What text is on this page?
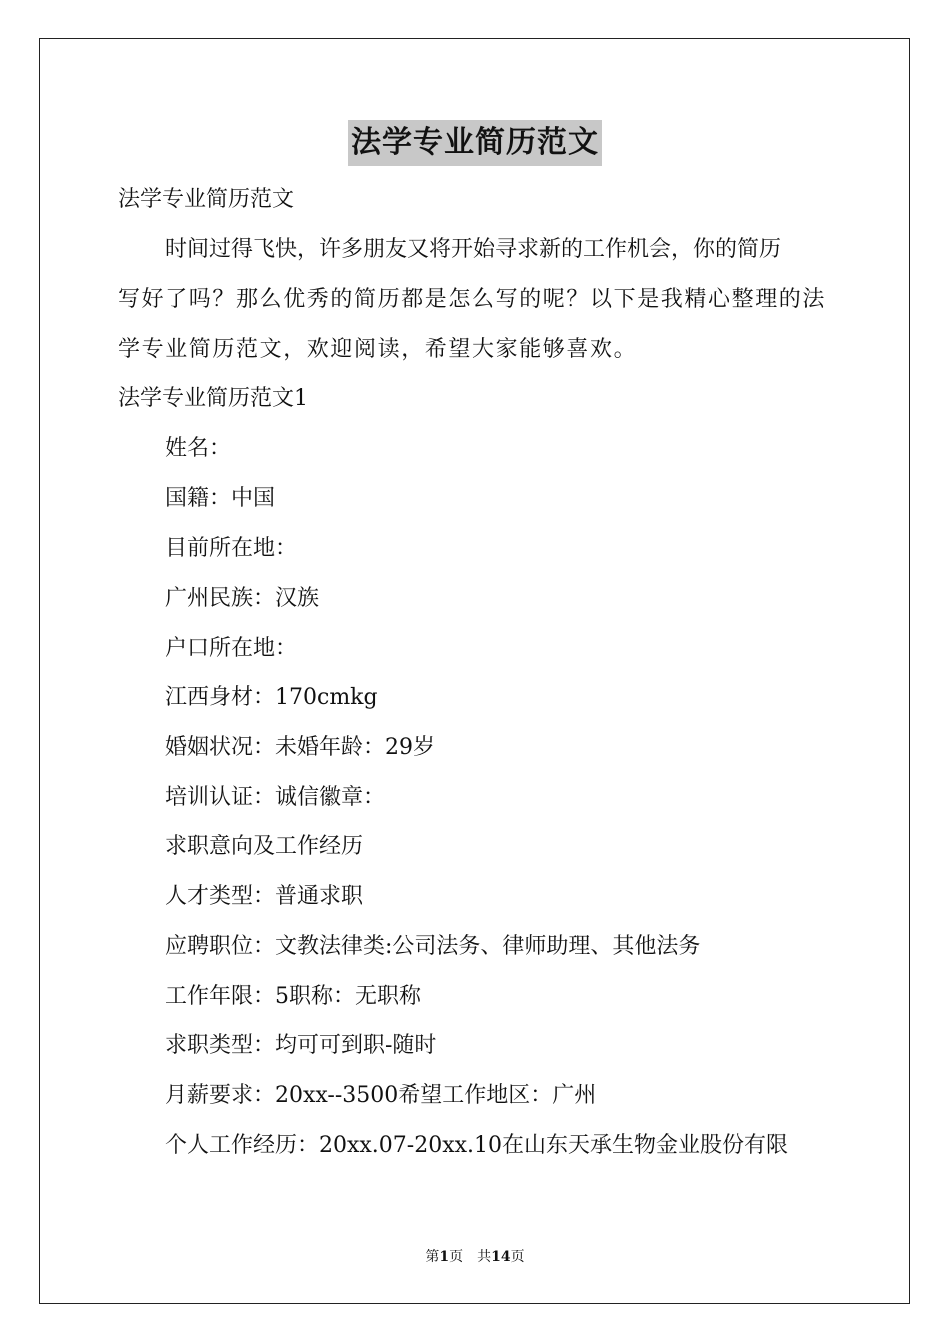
法学专业简历范文
法学专业简历范文
时间过得飞快，许多朋友又将开始寻求新的工作机会，你的简历
写好了吗？那么优秀的简历都是怎么写的呢？以下是我精心整理的法
学专业简历范文，欢迎阅读，希望大家能够喜欢。
法学专业简历范文1
姓名：
国籍：中国
目前所在地：
广州民族：汉族
户口所在地：
江西身材：170cmkg
婚姻状况：未婚年龄：29岁
培训认证：诚信徽章：
求职意向及工作经历
人才类型：普通求职
应聘职位：文教法律类:公司法务、律师助理、其他法务
工作年限：5职称：无职称
求职类型：均可可到职-随时
月薪要求：20xx--3500希望工作地区：广州
个人工作经历：20xx.07-20xx.10在山东天承生物金业股份有限
第1页　共14页
